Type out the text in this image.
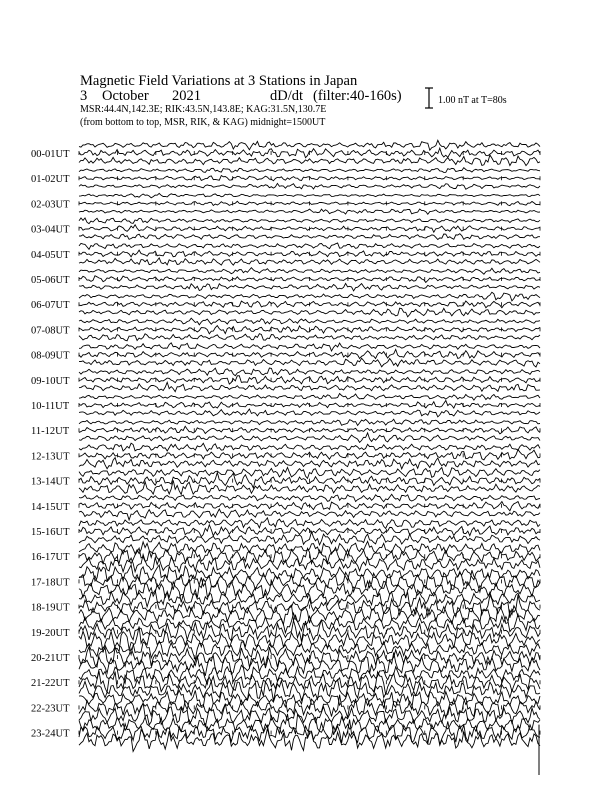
Magnetic Field Variations at 3 Stations in Japan
3 October 2021	dD/dt (filter:40-160s)
MSR:44.4N,142.3E; RIK:43.5N,143.8E; KAG:31.5N,130.7E
(from bottom to top, MSR, RIK, & KAG) midnight=1500UT
1.00 nT at T=80s
00-01UT
01-02UT
02-03UT
03-04UT
04-05UT
05-06UT
06-07UT
07-08UT
08-09UT
09-10UT
10-11UT
11-12UT
12-13UT
13-14UT
14-15UT
15-16UT
16-17UT
17-18UT
18-19UT
19-20UT
20-21UT
21-22UT
22-23UT
23-24UT
